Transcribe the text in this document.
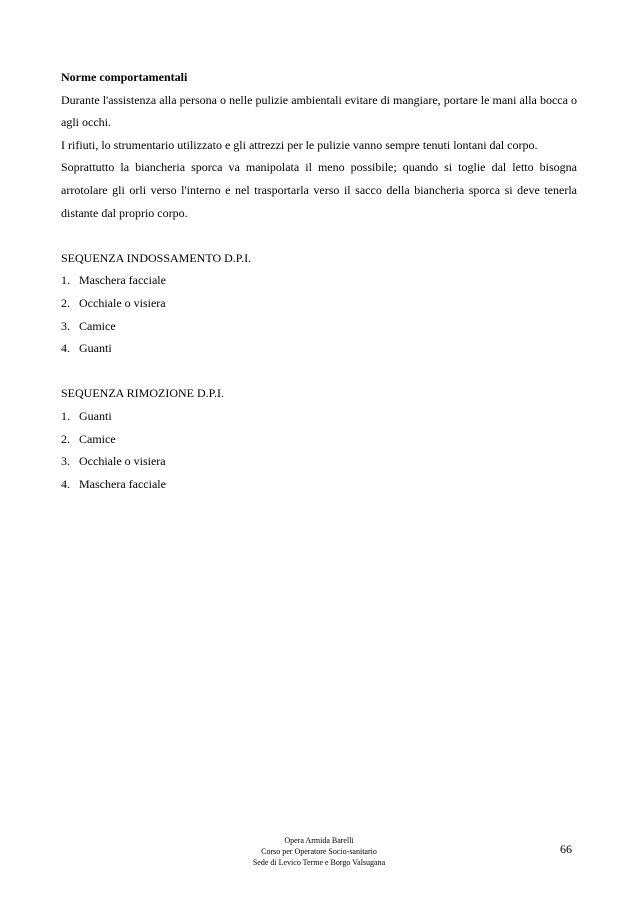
Norme comportamentali

Durante l'assistenza alla persona o nelle pulizie ambientali evitare di mangiare, portare le mani alla bocca o agli occhi.

I rifiuti, lo strumentario utilizzato e gli attrezzi per le pulizie vanno sempre tenuti lontani dal corpo.

Soprattutto la biancheria sporca va manipolata il meno possibile; quando si toglie dal letto bisogna arrotolare gli orli verso l'interno e nel trasportarla verso il sacco della biancheria sporca si deve tenerla distante dal proprio corpo.

SEQUENZA INDOSSAMENTO D.P.I.

1. Maschera facciale
2. Occhiale o visiera
3. Camice
4. Guanti

SEQUENZA RIMOZIONE D.P.I.

1. Guanti
2. Camice
3. Occhiale o visiera
4. Maschera facciale
Opera Armida Barelli
Corso per Operatore Socio-sanitario
Sede di Levico Terme e Borgo Valsugana
66
